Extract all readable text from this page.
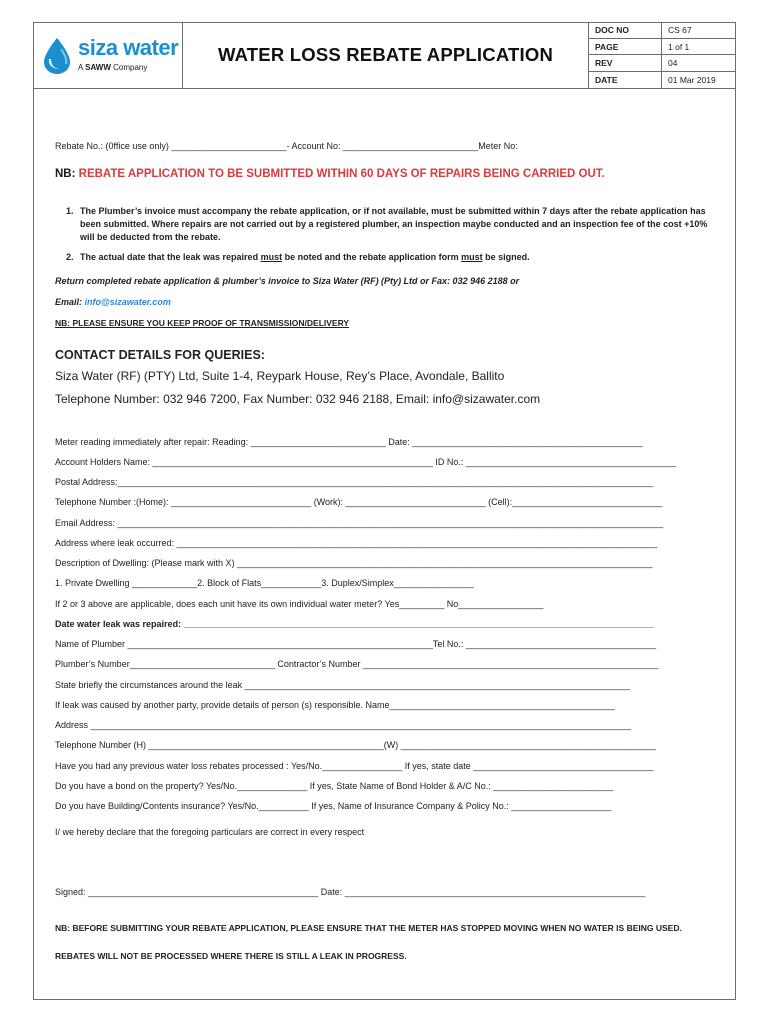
siza water
A SAWW Company
WATER LOSS REBATE APPLICATION
DOC NO	CS 67
PAGE	1 of 1
REV	04
DATE	01 Mar 2019
Rebate No.: (0ffice use only) _______________________- Account No: ___________________________Meter No:
NB: REBATE APPLICATION TO BE SUBMITTED WITHIN 60 DAYS OF REPAIRS BEING CARRIED OUT.
1. The Plumber’s invoice must accompany the rebate application, or if not available, must be submitted within 7 days after the rebate application has been submitted. Where repairs are not carried out by a registered plumber, an inspection maybe conducted and an inspection fee of the cost +10% will be deducted from the rebate.
2. The actual date that the leak was repaired must be noted and the rebate application form must be signed.
Return completed rebate application & plumber’s invoice to Siza Water (RF) (Pty) Ltd or Fax: 032 946 2188 or
Email: info@sizawater.com
NB: PLEASE ENSURE YOU KEEP PROOF OF TRANSMISSION/DELIVERY
CONTACT DETAILS FOR QUERIES:
Siza Water (RF) (PTY) Ltd, Suite 1-4, Reypark House, Rey’s Place, Avondale, Ballito
Telephone Number: 032 946 7200, Fax Number: 032 946 2188, Email: info@sizawater.com
Meter reading immediately after repair: Reading: ___________________________ Date: ______________________________________________
Account Holders Name: ________________________________________________________ ID No.: __________________________________________
Postal Address:___________________________________________________________________________________________________________
Telephone Number :(Home): ____________________________ (Work): ____________________________ (Cell):______________________________
Email Address: _____________________________________________________________________________________________________________
Address where leak occurred: ________________________________________________________________________________________________
Description of Dwelling: (Please mark with X) ___________________________________________________________________________________
1. Private Dwelling _____________2. Block of Flats____________3. Duplex/Simplex________________
If 2 or 3 above are applicable, does each unit have its own individual water meter? Yes_________ No_________________
Date water leak was repaired: ______________________________________________________________________________________________
Name of Plumber _____________________________________________________________Tel No.: ______________________________________
Plumber’s Number_____________________________ Contractor’s Number ___________________________________________________________
State briefly the circumstances around the leak _____________________________________________________________________________
If leak was caused by another party, provide details of person (s) responsible. Name_____________________________________________
Address ____________________________________________________________________________________________________________
Telephone Number (H) _______________________________________________(W) ___________________________________________________
Have you had any previous water loss rebates processed : Yes/No.________________ If yes, state date ____________________________________
Do you have a bond on the property? Yes/No.______________ If yes, State Name of Bond Holder & A/C No.: ________________________
Do you have Building/Contents insurance? Yes/No.__________ If yes, Name of Insurance Company & Policy No.: ____________________
I/ we hereby declare that the foregoing particulars are correct in every respect
Signed: ______________________________________________ Date: ____________________________________________________________
NB: BEFORE SUBMITTING YOUR REBATE APPLICATION, PLEASE ENSURE THAT THE METER HAS STOPPED MOVING WHEN NO WATER IS BEING USED.
REBATES WILL NOT BE PROCESSED WHERE THERE IS STILL A LEAK IN PROGRESS.
